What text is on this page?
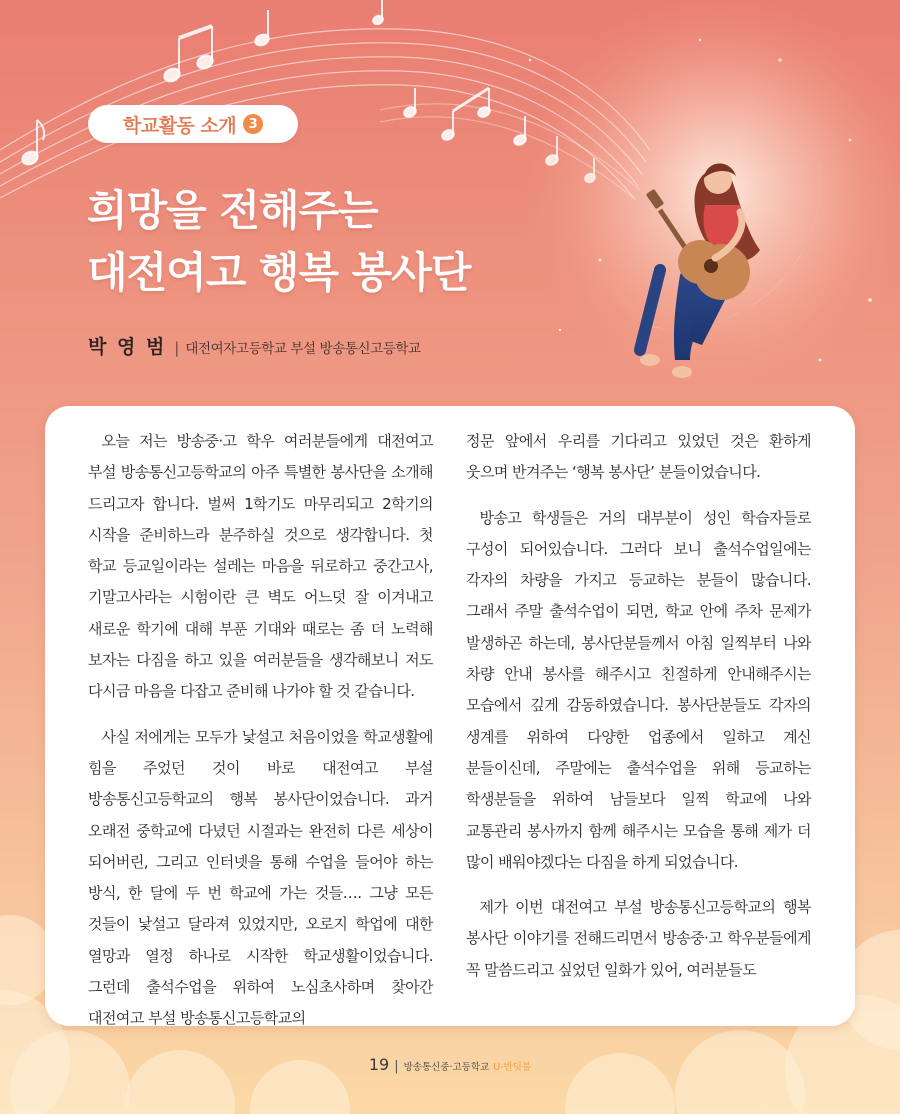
학교활동 소개 3
희망을 전해주는
대전여고 행복 봉사단
박 영 범 | 대전여자고등학교 부설 방송통신고등학교

오늘 저는 방송중·고 학우 여러분들에게 대전여고 부설 방송통신고등학교의 아주 특별한 봉사단을 소개해 드리고자 합니다. 벌써 1학기도 마무리되고 2학기의 시작을 준비하느라 분주하실 것으로 생각합니다. 첫 학교 등교일이라는 설레는 마음을 뒤로하고 중간고사, 기말고사라는 시험이란 큰 벽도 어느덧 잘 이겨내고 새로운 학기에 대해 부푼 기대와 때로는 좀 더 노력해 보자는 다짐을 하고 있을 여러분들을 생각해보니 저도 다시금 마음을 다잡고 준비해 나가야 할 것 같습니다.

사실 저에게는 모두가 낯설고 처음이었을 학교생활에 힘을 주었던 것이 바로 대전여고 부설 방송통신고등학교의 행복 봉사단이었습니다. 과거 오래전 중학교에 다녔던 시절과는 완전히 다른 세상이 되어버린, 그리고 인터넷을 통해 수업을 들어야 하는 방식, 한 달에 두 번 학교에 가는 것들…. 그냥 모든 것들이 낯설고 달라져 있었지만, 오로지 학업에 대한 열망과 열정 하나로 시작한 학교생활이었습니다. 그런데 출석수업을 위하여 노심초사하며 찾아간 대전여고 부설 방송통신고등학교의

정문 앞에서 우리를 기다리고 있었던 것은 환하게 웃으며 반겨주는 ‘행복 봉사단’ 분들이었습니다.

방송고 학생들은 거의 대부분이 성인 학습자들로 구성이 되어있습니다. 그러다 보니 출석수업일에는 각자의 차량을 가지고 등교하는 분들이 많습니다. 그래서 주말 출석수업이 되면, 학교 안에 주차 문제가 발생하곤 하는데, 봉사단분들께서 아침 일찍부터 나와 차량 안내 봉사를 해주시고 친절하게 안내해주시는 모습에서 깊게 감동하였습니다. 봉사단분들도 각자의 생계를 위하여 다양한 업종에서 일하고 계신 분들이신데, 주말에는 출석수업을 위해 등교하는 학생분들을 위하여 남들보다 일찍 학교에 나와 교통관리 봉사까지 함께 해주시는 모습을 통해 제가 더 많이 배워야겠다는 다짐을 하게 되었습니다.

제가 이번 대전여고 부설 방송통신고등학교의 행복 봉사단 이야기를 전해드리면서 방송중·고 학우분들에게 꼭 말씀드리고 싶었던 일화가 있어, 여러분들도

19 | 방송통신중·고등학교 U-반딧불
